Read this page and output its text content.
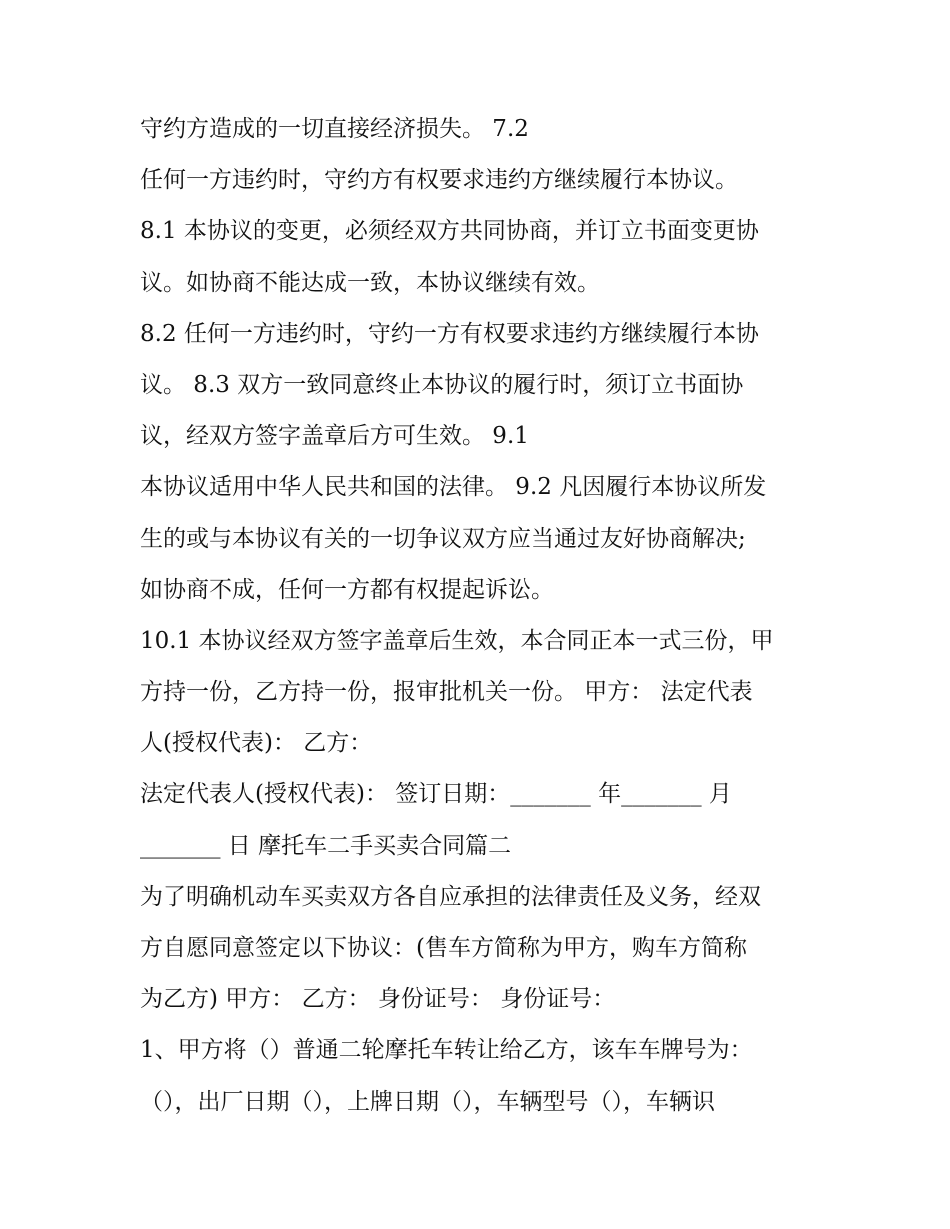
守约方造成的一切直接经济损失。 7.2
任何一方违约时，守约方有权要求违约方继续履行本协议。
8.1 本协议的变更，必须经双方共同协商，并订立书面变更协
议。如协商不能达成一致，本协议继续有效。
8.2 任何一方违约时，守约一方有权要求违约方继续履行本协
议。 8.3 双方一致同意终止本协议的履行时，须订立书面协
议，经双方签字盖章后方可生效。 9.1
本协议适用中华人民共和国的法律。 9.2 凡因履行本协议所发
生的或与本协议有关的一切争议双方应当通过友好协商解决;
如协商不成，任何一方都有权提起诉讼。
10.1 本协议经双方签字盖章后生效，本合同正本一式三份，甲
方持一份，乙方持一份，报审批机关一份。 甲方： 法定代表
人(授权代表)： 乙方：
法定代表人(授权代表)： 签订日期：_______ 年_______ 月
_______ 日 摩托车二手买卖合同篇二
为了明确机动车买卖双方各自应承担的法律责任及义务，经双
方自愿同意签定以下协议：(售车方简称为甲方，购车方简称
为乙方) 甲方： 乙方： 身份证号： 身份证号：
1、甲方将（）普通二轮摩托车转让给乙方，该车车牌号为：
（），出厂日期（），上牌日期（），车辆型号（），车辆识
